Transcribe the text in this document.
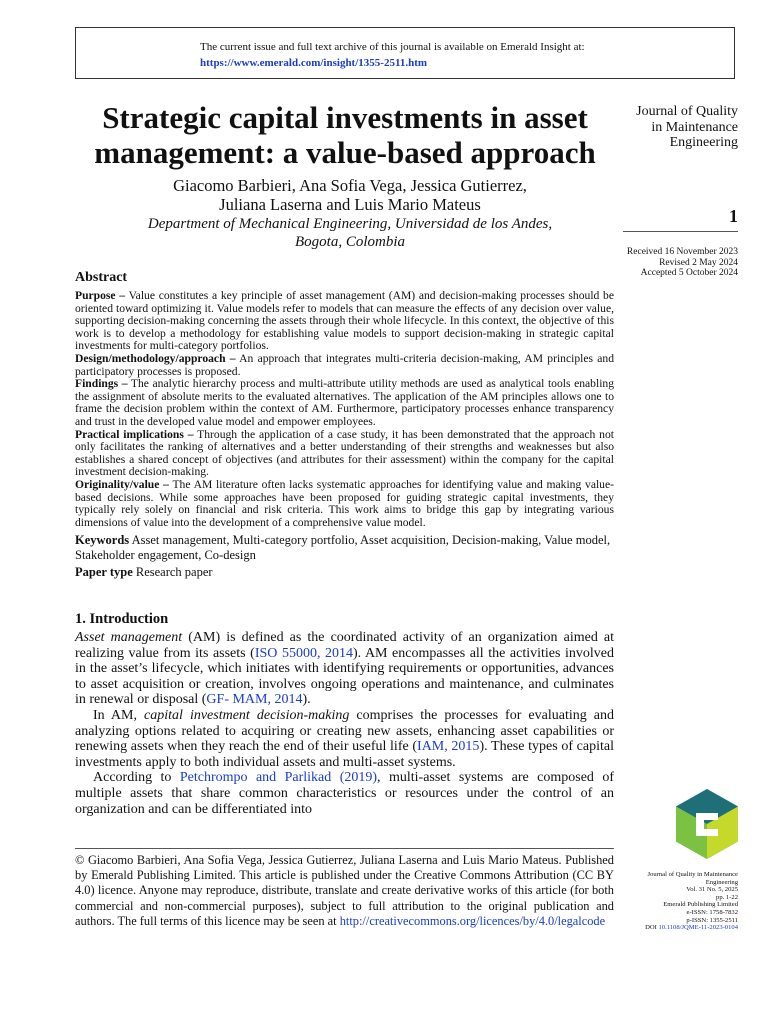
The current issue and full text archive of this journal is available on Emerald Insight at:
https://www.emerald.com/insight/1355-2511.htm
Strategic capital investments in asset management: a value-based approach
Giacomo Barbieri, Ana Sofia Vega, Jessica Gutierrez,
Juliana Laserna and Luis Mario Mateus
Department of Mechanical Engineering, Universidad de los Andes,
Bogota, Colombia
Journal of Quality
in Maintenance
Engineering
1
Received 16 November 2023
Revised 2 May 2024
Accepted 5 October 2024
Abstract

Purpose – Value constitutes a key principle of asset management (AM) and decision-making processes should be oriented toward optimizing it. Value models refer to models that can measure the effects of any decision over value, supporting decision-making concerning the assets through their whole lifecycle. In this context, the objective of this work is to develop a methodology for establishing value models to support decision-making in strategic capital investments for multi-category portfolios.

Design/methodology/approach – An approach that integrates multi-criteria decision-making, AM principles and participatory processes is proposed.

Findings – The analytic hierarchy process and multi-attribute utility methods are used as analytical tools enabling the assignment of absolute merits to the evaluated alternatives. The application of the AM principles allows one to frame the decision problem within the context of AM. Furthermore, participatory processes enhance transparency and trust in the developed value model and empower employees.

Practical implications – Through the application of a case study, it has been demonstrated that the approach not only facilitates the ranking of alternatives and a better understanding of their strengths and weaknesses but also establishes a shared concept of objectives (and attributes for their assessment) within the company for the capital investment decision-making.

Originality/value – The AM literature often lacks systematic approaches for identifying value and making value-based decisions. While some approaches have been proposed for guiding strategic capital investments, they typically rely solely on financial and risk criteria. This work aims to bridge this gap by integrating various dimensions of value into the development of a comprehensive value model.

Keywords Asset management, Multi-category portfolio, Asset acquisition, Decision-making, Value model, Stakeholder engagement, Co-design

Paper type Research paper

1. Introduction

Asset management (AM) is defined as the coordinated activity of an organization aimed at realizing value from its assets (ISO 55000, 2014). AM encompasses all the activities involved in the asset’s lifecycle, which initiates with identifying requirements or opportunities, advances to asset acquisition or creation, involves ongoing operations and maintenance, and culminates in renewal or disposal (GF- MAM, 2014).

In AM, capital investment decision-making comprises the processes for evaluating and analyzing options related to acquiring or creating new assets, enhancing asset capabilities or renewing assets when they reach the end of their useful life (IAM, 2015). These types of capital investments apply to both individual assets and multi-asset systems.

According to Petchrompo and Parlikad (2019), multi-asset systems are composed of multiple assets that share common characteristics or resources under the control of an organization and can be differentiated into

© Giacomo Barbieri, Ana Sofia Vega, Jessica Gutierrez, Juliana Laserna and Luis Mario Mateus. Published by Emerald Publishing Limited. This article is published under the Creative Commons Attribution (CC BY 4.0) licence. Anyone may reproduce, distribute, translate and create derivative works of this article (for both commercial and non-commercial purposes), subject to full attribution to the original publication and authors. The full terms of this licence may be seen at http://creativecommons.org/licences/by/4.0/legalcode
Journal of Quality in Maintenance
Engineering
Vol. 31 No. 5, 2025
pp. 1-22
Emerald Publishing Limited
e-ISSN: 1758-7832
p-ISSN: 1355-2511
DOI 10.1108/JQME-11-2023-0104
